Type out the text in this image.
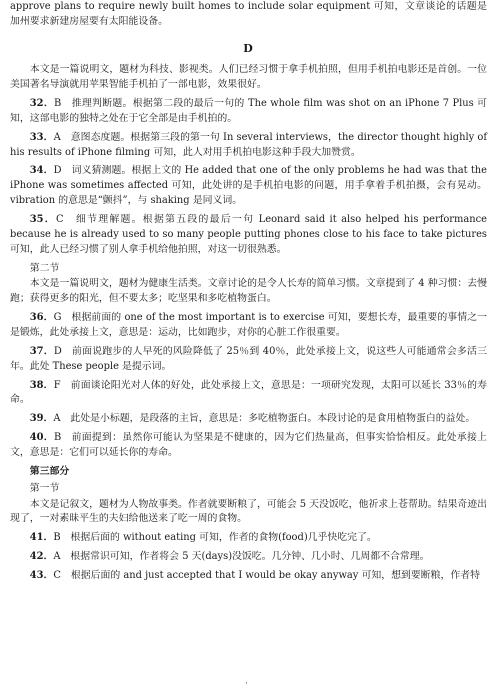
approve plans to require newly built homes to include solar equipment 可知，文章谈论的话题是加州要求新建房屋要有太阳能设备。

D

本文是一篇说明文，题材为科技、影视类。人们已经习惯于拿手机拍照，但用手机拍电影还是首创。一位美国著名导演就用苹果智能手机拍了一部电影，效果很好。

32．B　推理判断题。根据第二段的最后一句的 The whole film was shot on an iPhone 7 Plus 可知，这部电影的独特之处在于它全部是由手机拍的。

33．A　意图态度题。根据第三段的第一句 In several interviews，the director thought highly of his results of iPhone filming 可知，此人对用手机拍电影这种手段大加赞赏。

34．D　词义猜测题。根据上文的 He added that one of the only problems he had was that the iPhone was sometimes affected 可知，此处讲的是手机拍电影的问题，用手拿着手机拍摄，会有晃动。vibration 的意思是“颤抖”，与 shaking 是同义词。

35．C　细节理解题。根据第五段的最后一句 Leonard said it also helped his performance because he is already used to so many people putting phones close to his face to take pictures 可知，此人已经习惯了别人拿手机给他拍照，对这一切很熟悉。

第二节

本文是一篇说明文，题材为健康生活类。文章讨论的是令人长寿的简单习惯。文章提到了 4 种习惯：去慢跑；获得更多的阳光，但不要太多；吃坚果和多吃植物蛋白。

36．G　根据前面的 one of the most important is to exercise 可知，要想长寿，最重要的事情之一是锻炼，此处承接上文，意思是：运动，比如跑步，对你的心脏工作很重要。

37．D　前面说跑步的人早死的风险降低了 25％到 40％，此处承接上文，说这些人可能通常会多活三年。此处 These people 是提示词。

38．F　前面谈论阳光对人体的好处，此处承接上文，意思是：一项研究发现，太阳可以延长 33％的寿命。

39．A　此处是小标题，是段落的主旨，意思是：多吃植物蛋白。本段讨论的是食用植物蛋白的益处。

40．B　前面提到：虽然你可能认为坚果是不健康的，因为它们热量高，但事实恰恰相反。此处承接上文，意思是：它们可以延长你的寿命。

第三部分

第一节

本文是记叙文，题材为人物故事类。作者就要断粮了，可能会 5 天没饭吃，他祈求上苍帮助。结果奇迹出现了，一对素昧平生的夫妇给他送来了吃一周的食物。

41．B　根据后面的 without eating 可知，作者的食物(food)几乎快吃完了。

42．A　根据常识可知，作者将会 5 天(days)没饭吃。几分钟、几小时、几周都不合常理。

43．C　根据后面的 and just accepted that I would be okay anyway 可知，想到要断粮，作者特

·
